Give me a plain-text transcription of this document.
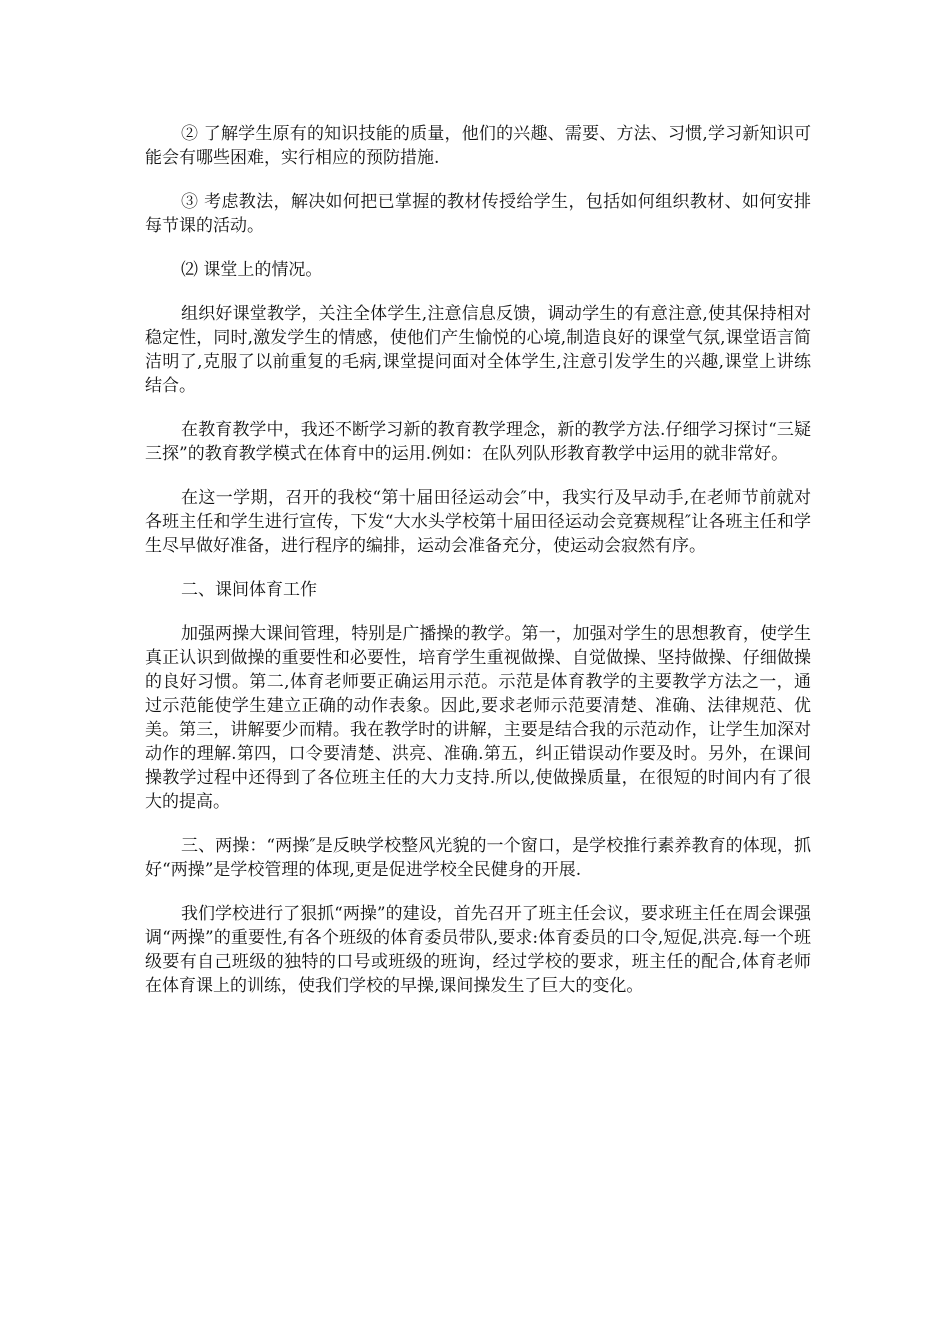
② 了解学生原有的知识技能的质量，他们的兴趣、需要、方法、习惯,学习新知识可能会有哪些困难，实行相应的预防措施.

③ 考虑教法，解决如何把已掌握的教材传授给学生，包括如何组织教材、如何安排每节课的活动。

⑵ 课堂上的情况。

组织好课堂教学，关注全体学生,注意信息反馈，调动学生的有意注意,使其保持相对稳定性，同时,激发学生的情感，使他们产生愉悦的心境,制造良好的课堂气氛,课堂语言简洁明了,克服了以前重复的毛病,课堂提问面对全体学生,注意引发学生的兴趣,课堂上讲练结合。

在教育教学中，我还不断学习新的教育教学理念，新的教学方法.仔细学习探讨“三疑三探”的教育教学模式在体育中的运用.例如：在队列队形教育教学中运用的就非常好。

在这一学期，召开的我校“第十届田径运动会″中，我实行及早动手,在老师节前就对各班主任和学生进行宣传，下发“大水头学校第十届田径运动会竞赛规程″让各班主任和学生尽早做好准备，进行程序的编排，运动会准备充分，使运动会寂然有序。

二、课间体育工作

加强两操大课间管理，特别是广播操的教学。第一，加强对学生的思想教育，使学生真正认识到做操的重要性和必要性，培育学生重视做操、自觉做操、坚持做操、仔细做操的良好习惯。第二,体育老师要正确运用示范。示范是体育教学的主要教学方法之一，通过示范能使学生建立正确的动作表象。因此,要求老师示范要清楚、准确、法律规范、优美。第三，讲解要少而精。我在教学时的讲解，主要是结合我的示范动作，让学生加深对动作的理解.第四，口令要清楚、洪亮、准确.第五，纠正错误动作要及时。另外，在课间操教学过程中还得到了各位班主任的大力支持.所以,使做操质量，在很短的时间内有了很大的提高。

三、两操：“两操″是反映学校整风光貌的一个窗口，是学校推行素养教育的体现，抓好“两操”是学校管理的体现,更是促进学校全民健身的开展.

我们学校进行了狠抓“两操”的建设，首先召开了班主任会议，要求班主任在周会课强调“两操”的重要性,有各个班级的体育委员带队,要求:体育委员的口令,短促,洪亮.每一个班级要有自己班级的独特的口号或班级的班询，经过学校的要求，班主任的配合,体育老师在体育课上的训练，使我们学校的早操,课间操发生了巨大的变化。
